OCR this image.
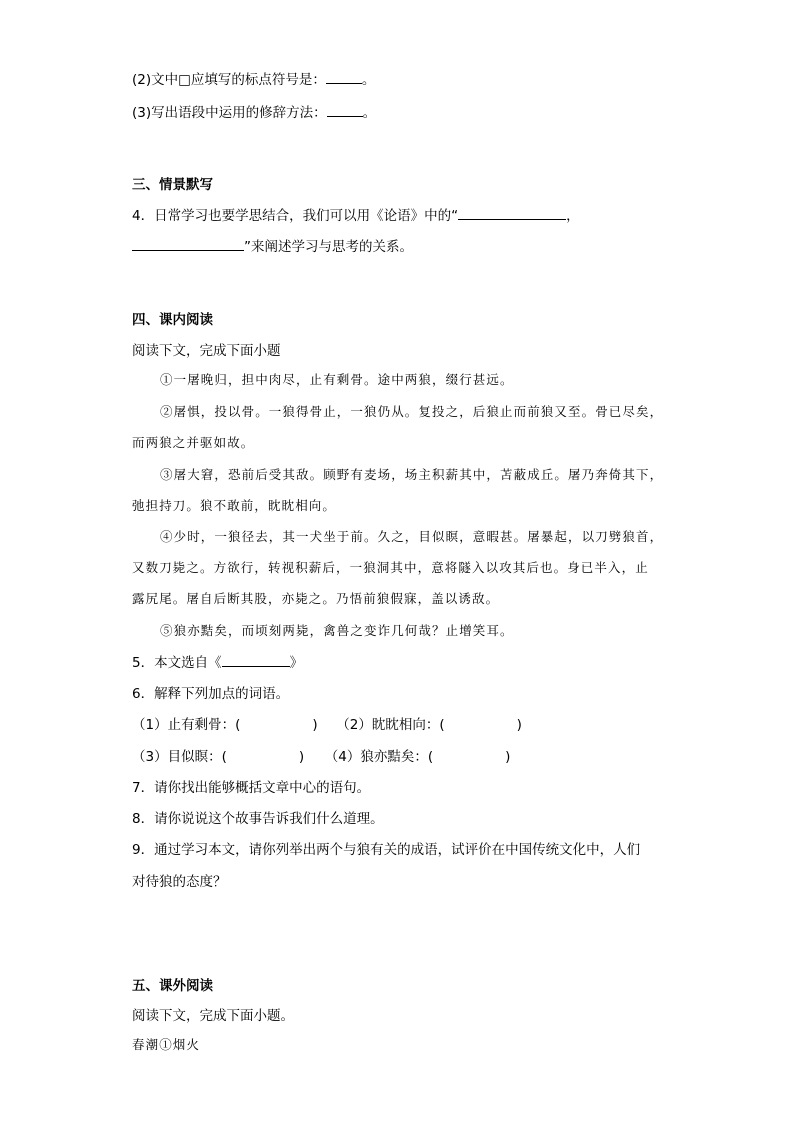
(2)文中□应填写的标点符号是：	。
(3)写出语段中运用的修辞方法：	。
三、情景默写
4．日常学习也要学思结合，我们可以用《论语》中的“	，
”来阐述学习与思考的关系。
四、课内阅读
阅读下文，完成下面小题
①一屠晚归，担中肉尽，止有剩骨。途中两狼，缀行甚远。
②屠惧，投以骨。一狼得骨止，一狼仍从。复投之，后狼止而前狼又至。骨已尽矣，
而两狼之并驱如故。
③屠大窘，恐前后受其敌。顾野有麦场，场主积薪其中，苫蔽成丘。屠乃奔倚其下，
弛担持刀。狼不敢前，眈眈相向。
④少时，一狼径去，其一犬坐于前。久之，目似瞑，意暇甚。屠暴起，以刀劈狼首，
又数刀毙之。方欲行，转视积薪后，一狼洞其中，意将隧入以攻其后也。身已半入，止
露尻尾。屠自后断其股，亦毙之。乃悟前狼假寐，盖以诱敌。
⑤狼亦黠矣，而顷刻两毙，禽兽之变诈几何哉？止增笑耳。
5．本文选自《	》
6．解释下列加点的词语。
（1）止有剩骨：(	) （2）眈眈相向：(	)
（3）目似瞑：(	) （4）狼亦黠矣：(	)
7．请你找出能够概括文章中心的语句。
8．请你说说这个故事告诉我们什么道理。
9．通过学习本文，请你列举出两个与狼有关的成语，试评价在中国传统文化中，人们
对待狼的态度？
五、课外阅读
阅读下文，完成下面小题。
春潮①烟火
